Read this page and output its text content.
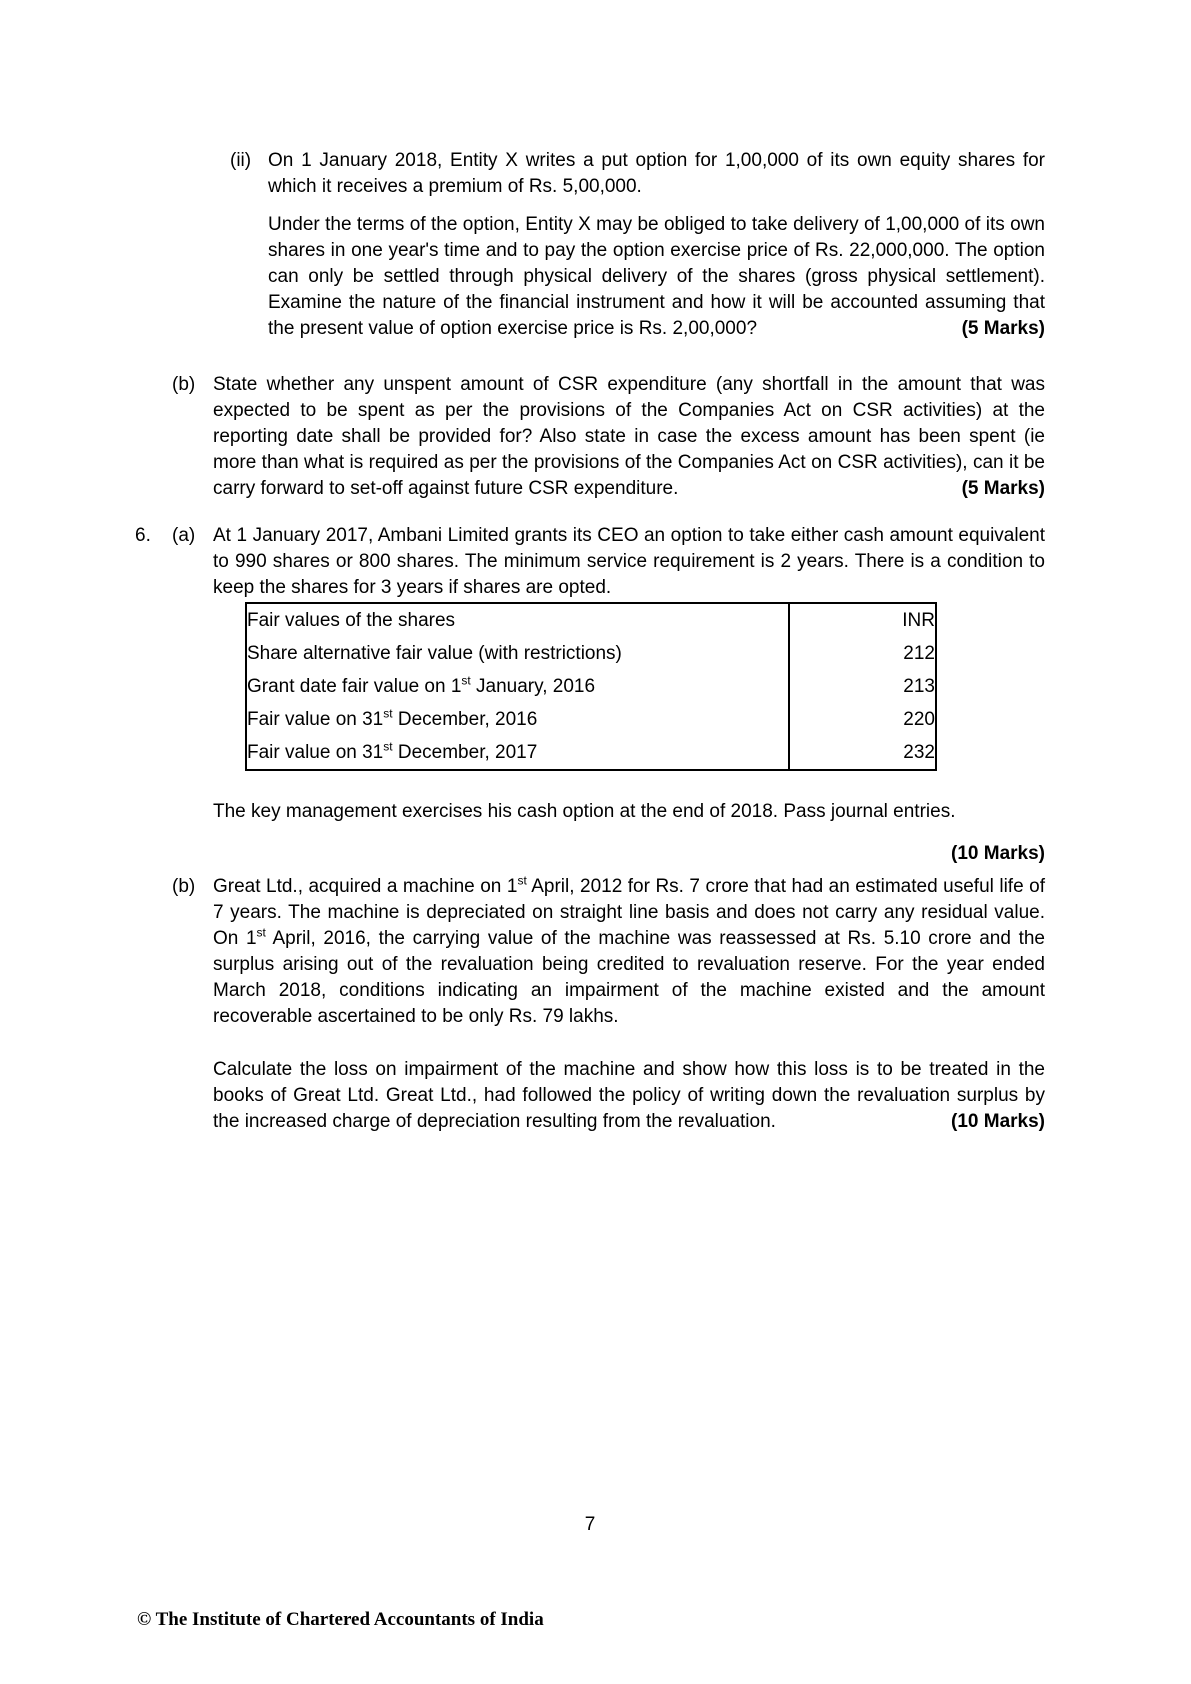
(ii) On 1 January 2018, Entity X writes a put option for 1,00,000 of its own equity shares for which it receives a premium of Rs. 5,00,000.

Under the terms of the option, Entity X may be obliged to take delivery of 1,00,000 of its own shares in one year's time and to pay the option exercise price of Rs. 22,000,000. The option can only be settled through physical delivery of the shares (gross physical settlement). Examine the nature of the financial instrument and how it will be accounted assuming that the present value of option exercise price is Rs. 2,00,000?	(5 Marks)

(b) State whether any unspent amount of CSR expenditure (any shortfall in the amount that was expected to be spent as per the provisions of the Companies Act on CSR activities) at the reporting date shall be provided for? Also state in case the excess amount has been spent (ie more than what is required as per the provisions of the Companies Act on CSR activities), can it be carry forward to set-off against future CSR expenditure.	(5 Marks)

6.	(a) At 1 January 2017, Ambani Limited grants its CEO an option to take either cash amount equivalent to 990 shares or 800 shares. The minimum service requirement is 2 years. There is a condition to keep the shares for 3 years if shares are opted.

Fair values of the shares	INR
Share alternative fair value (with restrictions)	212
Grant date fair value on 1st January, 2016	213
Fair value on 31st December, 2016	220
Fair value on 31st December, 2017	232

The key management exercises his cash option at the end of 2018. Pass journal entries.

(10 Marks)
(b) Great Ltd., acquired a machine on 1st April, 2012 for Rs. 7 crore that had an estimated useful life of 7 years. The machine is depreciated on straight line basis and does not carry any residual value. On 1st April, 2016, the carrying value of the machine was reassessed at Rs. 5.10 crore and the surplus arising out of the revaluation being credited to revaluation reserve. For the year ended March 2018, conditions indicating an impairment of the machine existed and the amount recoverable ascertained to be only Rs. 79 lakhs.

Calculate the loss on impairment of the machine and show how this loss is to be treated in the books of Great Ltd. Great Ltd., had followed the policy of writing down the revaluation surplus by the increased charge of depreciation resulting from the revaluation.	(10 Marks)

7
© The Institute of Chartered Accountants of India
